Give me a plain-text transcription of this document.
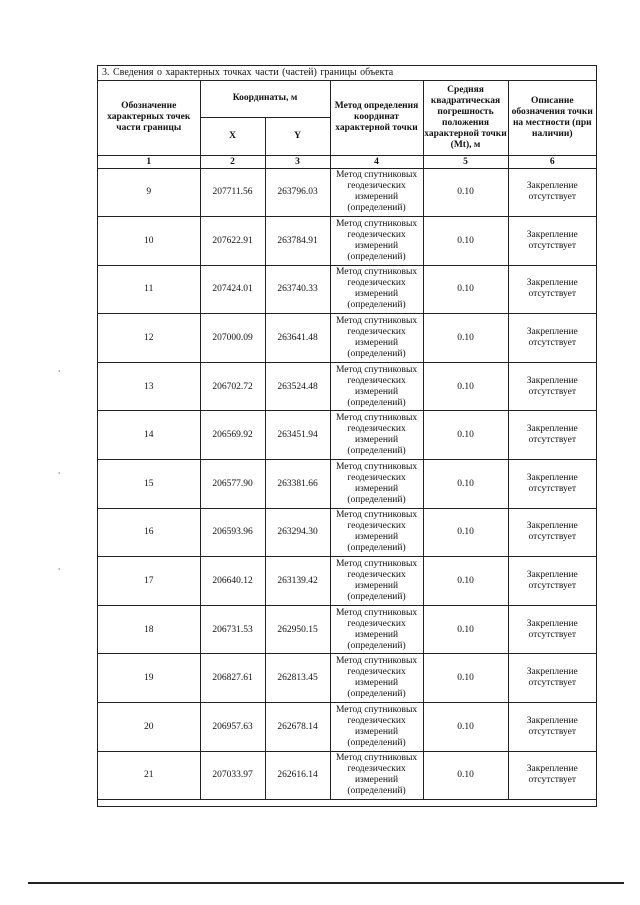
⸱
⸱
⸱
3. Сведения о характерных точках части (частей) границы объекта
Обозначение характерных точек части границы	Координаты, м		Метод определения координат характерной точки	Средняя квадратическая погрешность положения характерной точки (Mt), м	Описание обозначения точки на местности (при наличии)
	X	Y			
1	2	3	4	5	6
9	207711.56	263796.03	Метод спутниковых геодезических измерений (определений)	0.10	Закрепление отсутствует
10	207622.91	263784.91	Метод спутниковых геодезических измерений (определений)	0.10	Закрепление отсутствует
11	207424.01	263740.33	Метод спутниковых геодезических измерений (определений)	0.10	Закрепление отсутствует
12	207000.09	263641.48	Метод спутниковых геодезических измерений (определений)	0.10	Закрепление отсутствует
13	206702.72	263524.48	Метод спутниковых геодезических измерений (определений)	0.10	Закрепление отсутствует
14	206569.92	263451.94	Метод спутниковых геодезических измерений (определений)	0.10	Закрепление отсутствует
15	206577.90	263381.66	Метод спутниковых геодезических измерений (определений)	0.10	Закрепление отсутствует
16	206593.96	263294.30	Метод спутниковых геодезических измерений (определений)	0.10	Закрепление отсутствует
17	206640.12	263139.42	Метод спутниковых геодезических измерений (определений)	0.10	Закрепление отсутствует
18	206731.53	262950.15	Метод спутниковых геодезических измерений (определений)	0.10	Закрепление отсутствует
19	206827.61	262813.45	Метод спутниковых геодезических измерений (определений)	0.10	Закрепление отсутствует
20	206957.63	262678.14	Метод спутниковых геодезических измерений (определений)	0.10	Закрепление отсутствует
21	207033.97	262616.14	Метод спутниковых геодезических измерений (определений)	0.10	Закрепление отсутствует
